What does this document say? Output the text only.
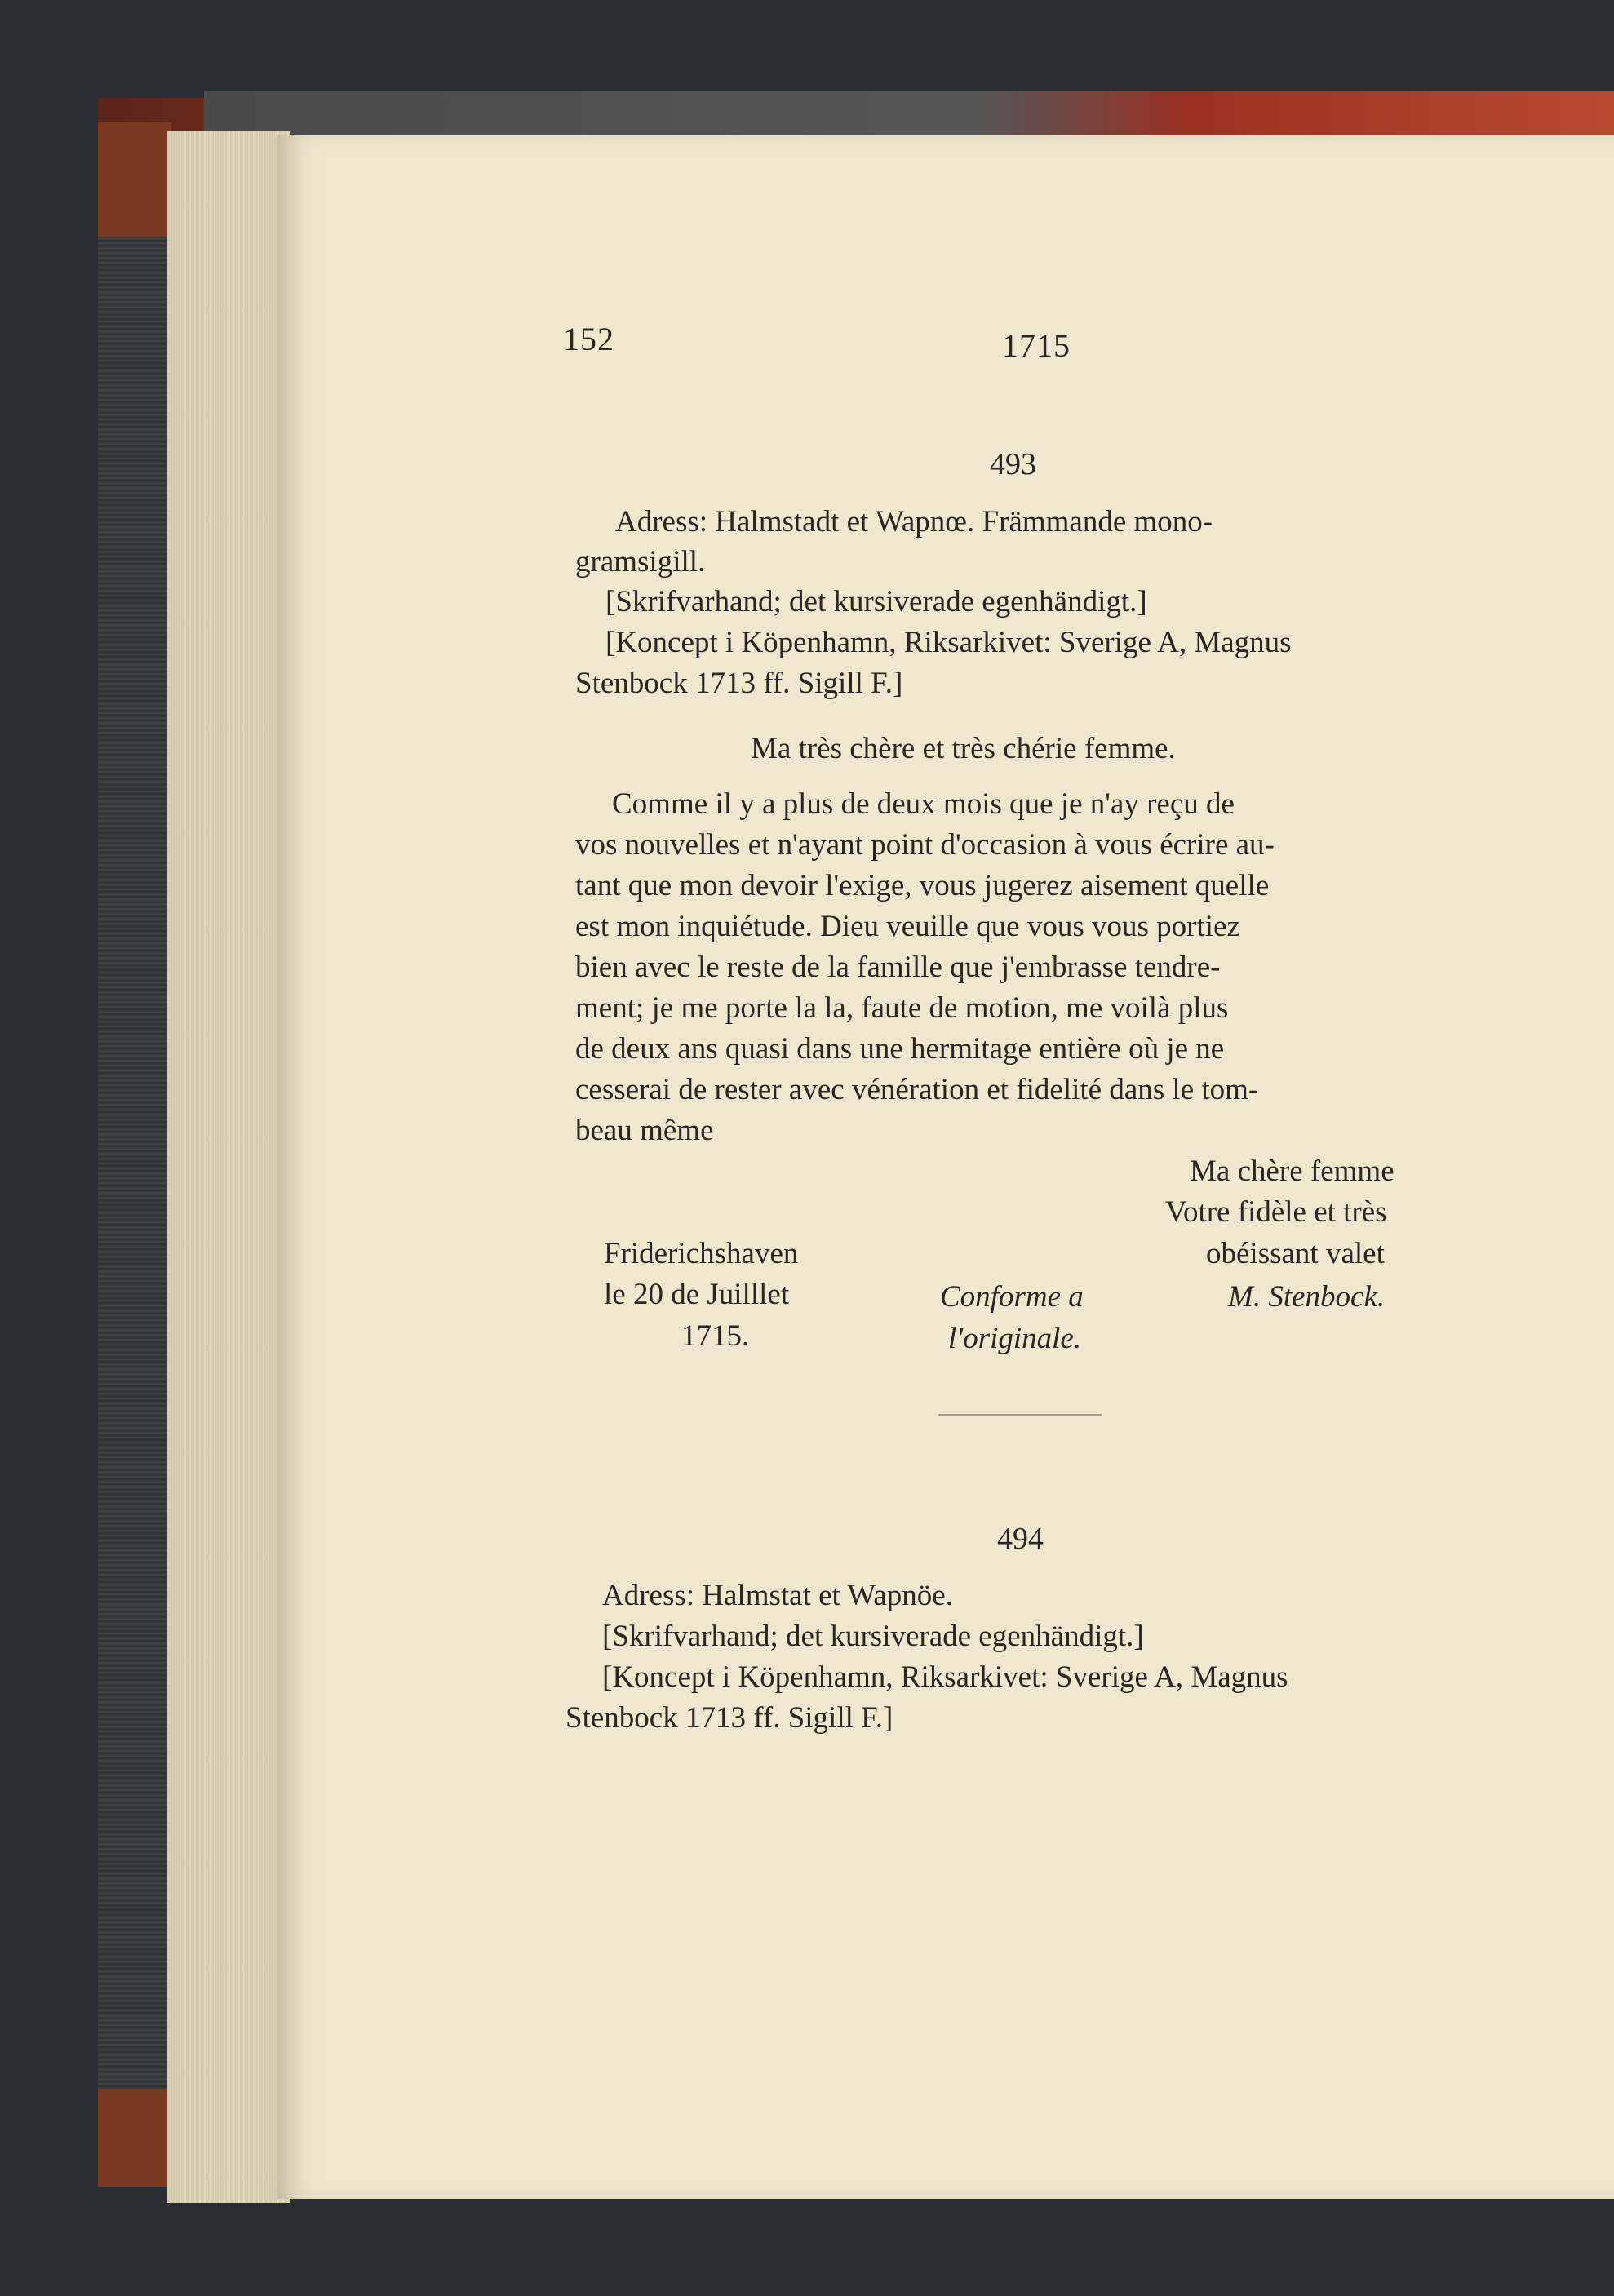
152	1715
493
Adress: Halmstadt et Wapnœ. Främmande mono-
gramsigill.
[Skrifvarhand; det kursiverade egenhändigt.]
[Koncept i Köpenhamn, Riksarkivet: Sverige A, Magnus
Stenbock 1713 ff. Sigill F.]
Ma très chère et très chérie femme.
Comme il y a plus de deux mois que je n'ay reçu de
vos nouvelles et n'ayant point d'occasion à vous écrire au-
tant que mon devoir l'exige, vous jugerez aisement quelle
est mon inquiétude. Dieu veuille que vous vous portiez
bien avec le reste de la famille que j'embrasse tendre-
ment; je me porte la la, faute de motion, me voilà plus
de deux ans quasi dans une hermitage entière où je ne
cesserai de rester avec vénération et fidelité dans le tom-
beau même
Ma chère femme
Votre fidèle et très
obéissant valet
M. Stenbock.
Friderichshaven
le 20 de Juilllet
1715.
Conforme a
l'originale.
494
Adress: Halmstat et Wapnöe.
[Skrifvarhand; det kursiverade egenhändigt.]
[Koncept i Köpenhamn, Riksarkivet: Sverige A, Magnus
Stenbock 1713 ff. Sigill F.]
